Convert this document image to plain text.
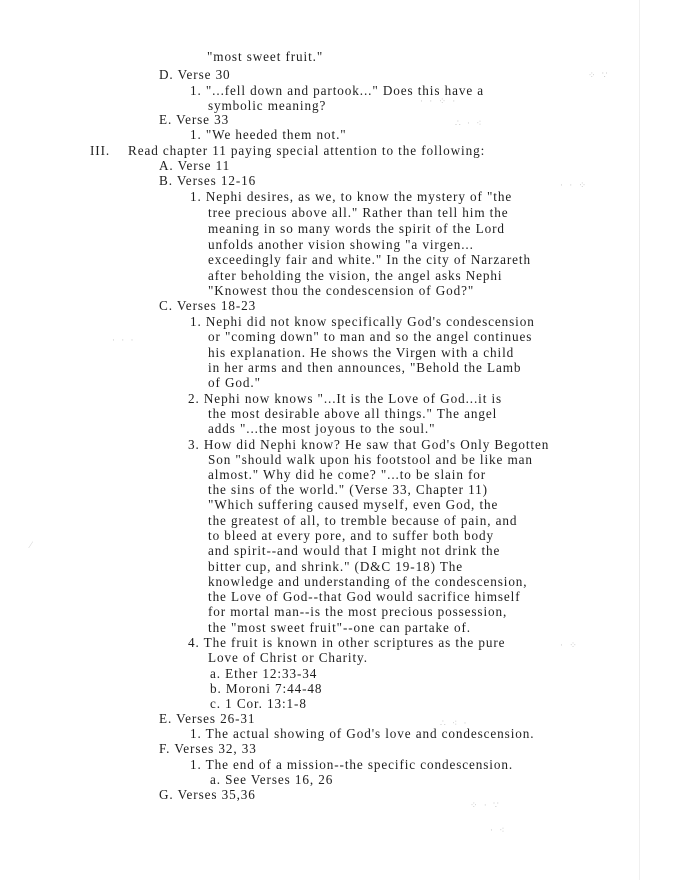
"most sweet fruit."
D. Verse 30
1. "...fell down and partook..." Does this have a
symbolic meaning?
E. Verse 33
1. "We heeded them not."
III. Read chapter 11 paying special attention to the following:
A. Verse 11
B. Verses 12-16
1. Nephi desires, as we, to know the mystery of "the
tree precious above all." Rather than tell him the
meaning in so many words the spirit of the Lord
unfolds another vision showing "a virgen...
exceedingly fair and white." In the city of Narzareth
after beholding the vision, the angel asks Nephi
"Knowest thou the condescension of God?"
C. Verses 18-23
1. Nephi did not know specifically God's condescension
or "coming down" to man and so the angel continues
his explanation. He shows the Virgen with a child
in her arms and then announces, "Behold the Lamb
of God."
2. Nephi now knows "...It is the Love of God...it is
the most desirable above all things." The angel
adds "...the most joyous to the soul."
3. How did Nephi know? He saw that God's Only Begotten
Son "should walk upon his footstool and be like man
almost." Why did he come? "...to be slain for
the sins of the world." (Verse 33, Chapter 11)
"Which suffering caused myself, even God, the
the greatest of all, to tremble because of pain, and
to bleed at every pore, and to suffer both body
and spirit--and would that I might not drink the
bitter cup, and shrink." (D&C 19-18) The
knowledge and understanding of the condescension,
the Love of God--that God would sacrifice himself
for mortal man--is the most precious possession,
the "most sweet fruit"--one can partake of.
4. The fruit is known in other scriptures as the pure
Love of Christ or Charity.
a. Ether 12:33-34
b. Moroni 7:44-48
c. 1 Cor. 13:1-8
E. Verses 26-31
1. The actual showing of God's love and condescension.
F. Verses 32, 33
1. The end of a mission--the specific condescension.
a. See Verses 16, 26
G. Verses 35,36
⁘ ∵
· · ⁘ ·
∴ · ⁖
· · ⁘
· · ·
⁄
· ⁘
∴ ⁖ ·
⁘ · ∵
· ⁖
